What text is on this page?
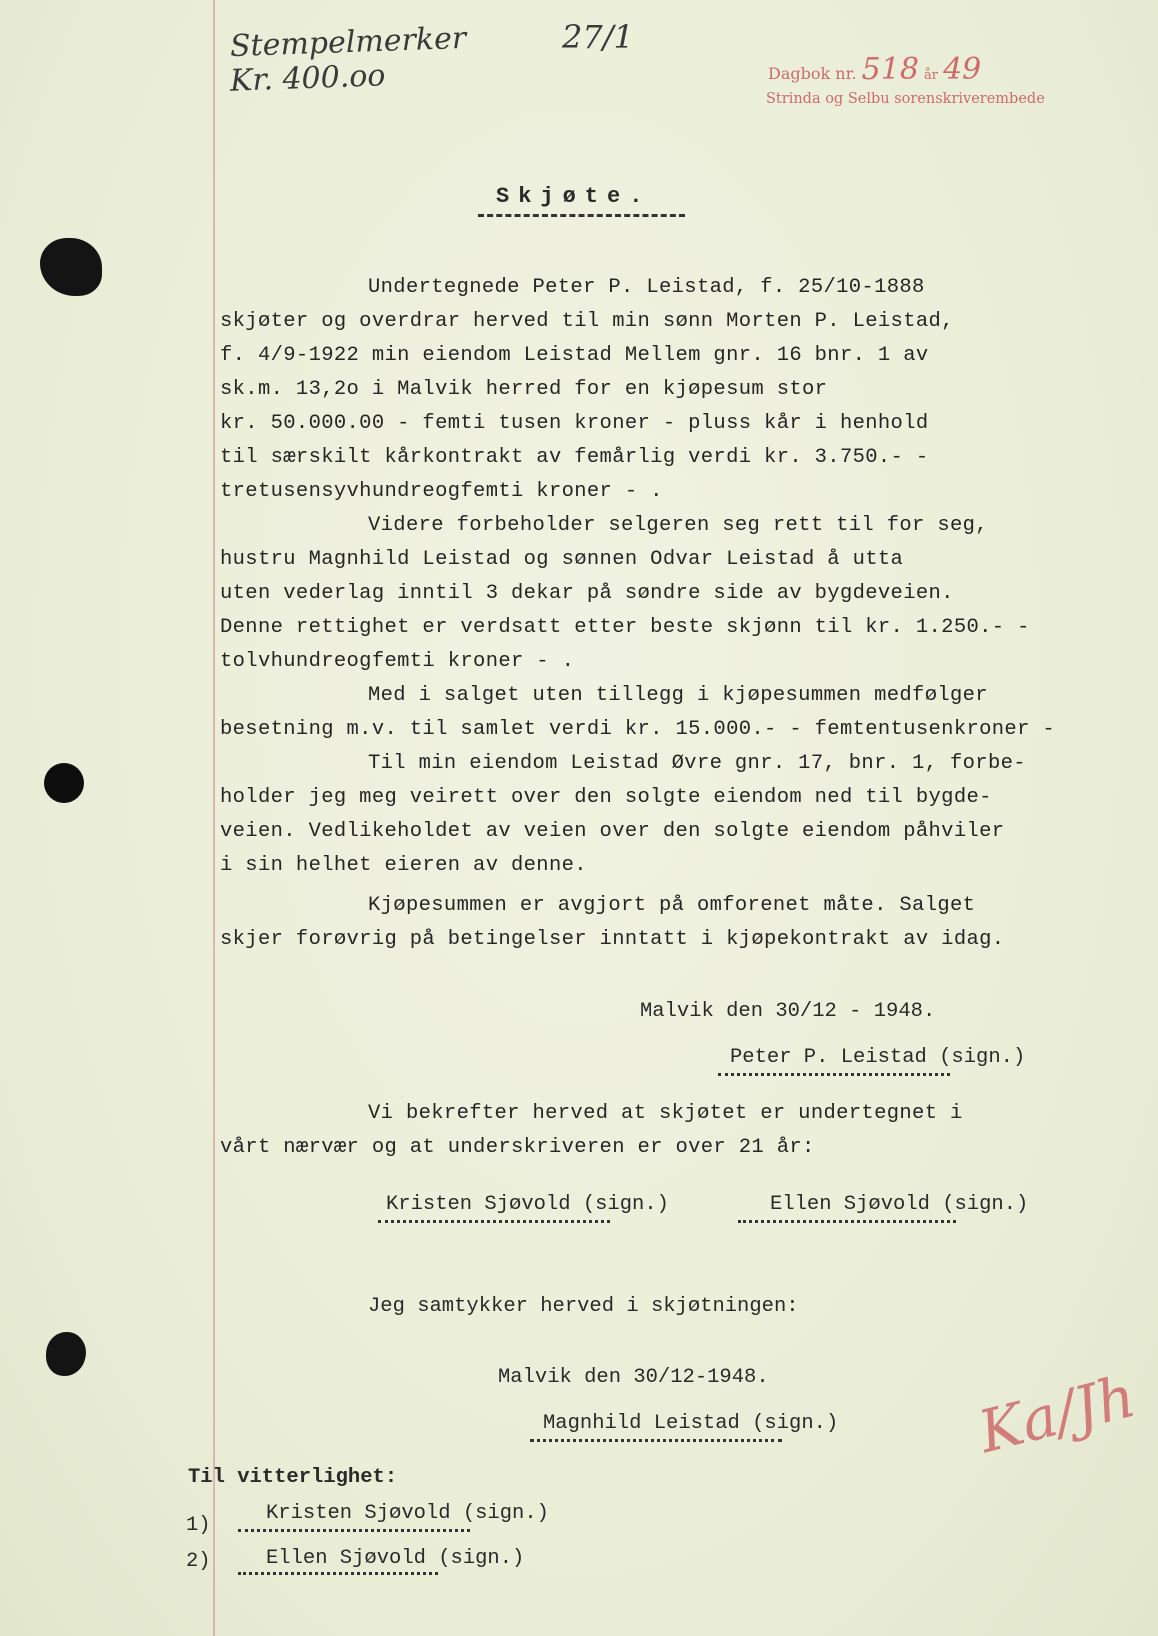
Stempelmerker
Kr. 400.oo
27/1
Dagbok nr. 518 år 49
Strinda og Selbu sorenskriverembede
Skjøte.
Undertegnede Peter P. Leistad, f. 25/10-1888
skjøter og overdrar herved til min sønn Morten P. Leistad,
f. 4/9-1922 min eiendom Leistad Mellem gnr. 16 bnr. 1 av
sk.m. 13,2o i Malvik herred for en kjøpesum stor
kr. 50.000.00 - femti tusen kroner - pluss kår i henhold
til særskilt kårkontrakt av femårlig verdi kr. 3.750.- -
tretusensyvhundreogfemti kroner - .
Videre forbeholder selgeren seg rett til for seg,
hustru Magnhild Leistad og sønnen Odvar Leistad å utta
uten vederlag inntil 3 dekar på søndre side av bygdeveien.
Denne rettighet er verdsatt etter beste skjønn til kr. 1.250.- -
tolvhundreogfemti kroner - .
Med i salget uten tillegg i kjøpesummen medfølger
besetning m.v. til samlet verdi kr. 15.000.- - femtentusenkroner -
Til min eiendom Leistad Øvre gnr. 17, bnr. 1, forbe-
holder jeg meg veirett over den solgte eiendom ned til bygde-
veien. Vedlikeholdet av veien over den solgte eiendom påhviler
i sin helhet eieren av denne.
Kjøpesummen er avgjort på omforenet måte. Salget
skjer forøvrig på betingelser inntatt i kjøpekontrakt av idag.
Malvik den 30/12 - 1948.
Peter P. Leistad (sign.)
Vi bekrefter herved at skjøtet er undertegnet i
vårt nærvær og at underskriveren er over 21 år:
Kristen Sjøvold (sign.)	Ellen Sjøvold (sign.)
Jeg samtykker herved i skjøtningen:
Malvik den 30/12-1948.
Magnhild Leistad (sign.)
Til vitterlighet:
1)
Kristen Sjøvold (sign.)
2)	Ellen Sjøvold (sign.)
Ka/Jh
